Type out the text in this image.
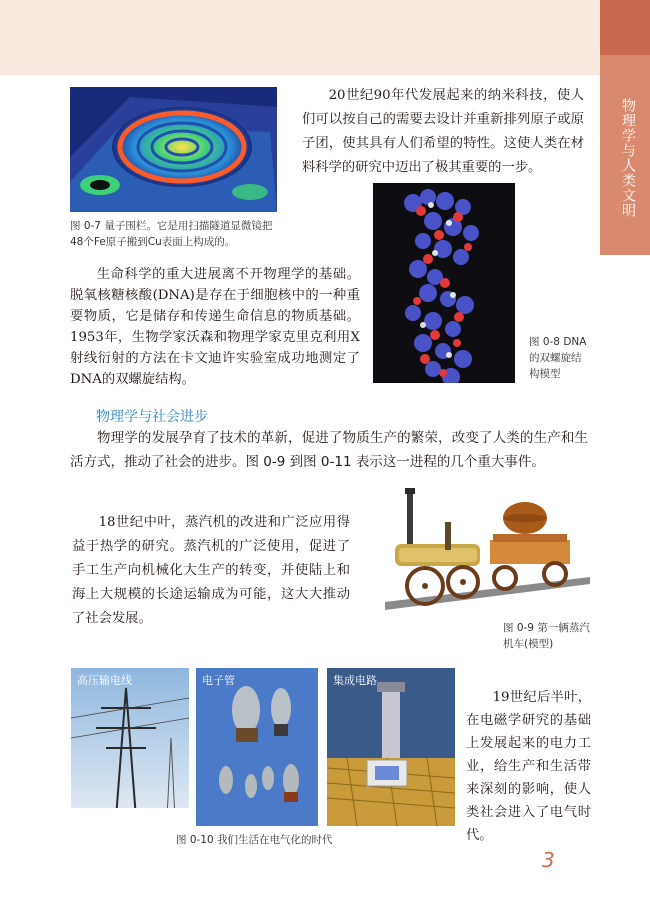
物理学与人类文明
图 0-7 量子围栏。它是用扫描隧道显微镜把48个Fe原子搬到Cu表面上构成的。
20世纪90年代发展起来的纳米科技，使人们可以按自己的需要去设计并重新排列原子或原子团，使其具有人们希望的特性。这使人类在材料科学的研究中迈出了极其重要的一步。
图 0-8 DNA的双螺旋结构模型
生命科学的重大进展离不开物理学的基础。脱氧核糖核酸(DNA)是存在于细胞核中的一种重要物质，它是储存和传递生命信息的物质基础。1953年，生物学家沃森和物理学家克里克利用X射线衍射的方法在卡文迪许实验室成功地测定了DNA的双螺旋结构。
物理学与社会进步
物理学的发展孕育了技术的革新，促进了物质生产的繁荣，改变了人类的生产和生活方式，推动了社会的进步。图 0-9 到图 0-11 表示这一进程的几个重大事件。
18世纪中叶，蒸汽机的改进和广泛应用得益于热学的研究。蒸汽机的广泛使用，促进了手工生产向机械化大生产的转变，并使陆上和海上大规模的长途运输成为可能，这大大推动了社会发展。
图 0-9 第一辆蒸汽机车(模型)
高压输电线	电子管	集成电路
图 0-10 我们生活在电气化的时代
19世纪后半叶，在电磁学研究的基础上发展起来的电力工业，给生产和生活带来深刻的影响，使人类社会进入了电气时代。
3
